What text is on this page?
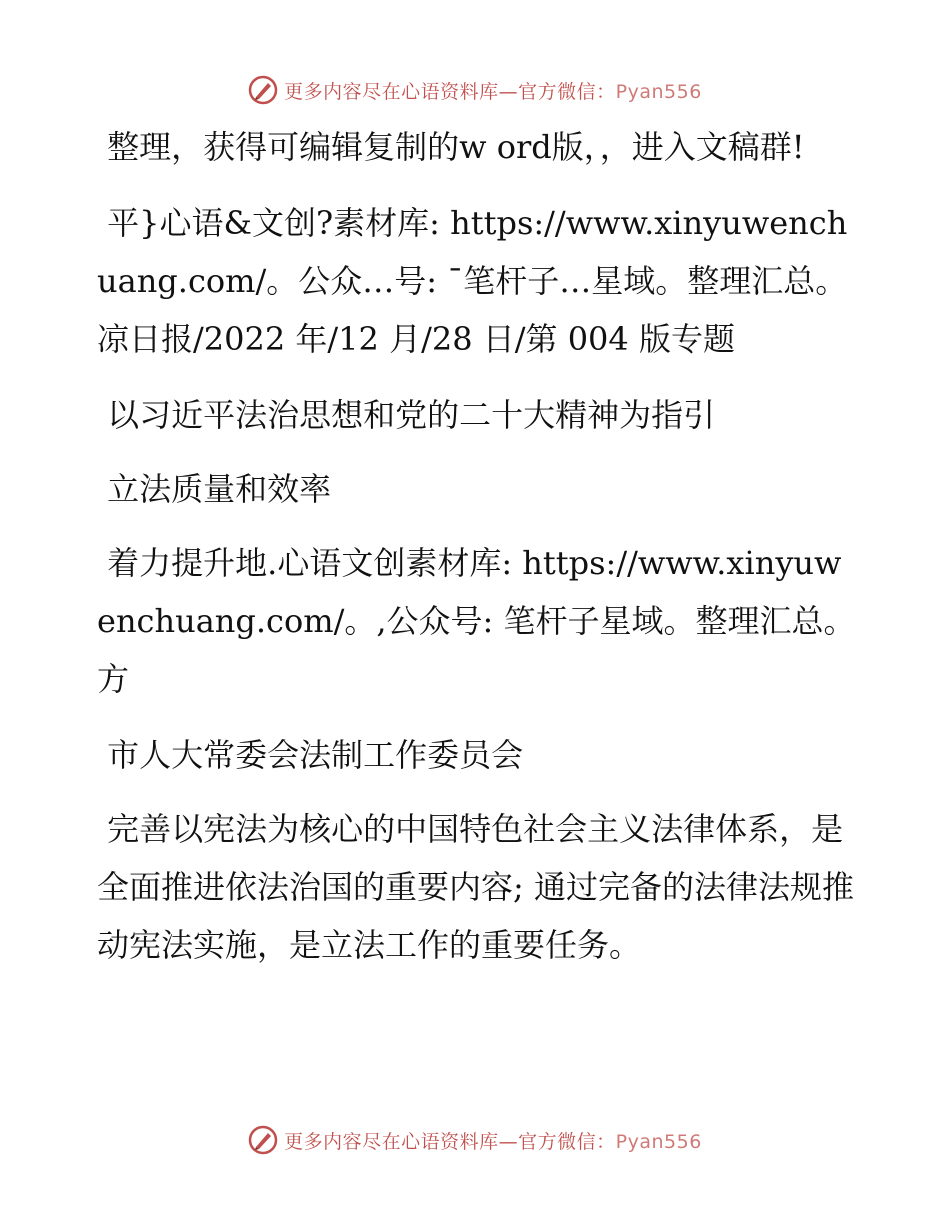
更多内容尽在心语资料库—官方微信：Pyan556

整理，获得可编辑复制的w ord版，，进入文稿群!

平}心语&文创?素材库: https://www.xinyuwenchuang.com/。公众…号: ¯笔杆子…星域。整理汇总。凉日报/2022 年/12 月/28 日/第 004 版专题

以习近平法治思想和党的二十大精神为指引

立法质量和效率

着力提升地.心语文创素材库: https://www.xinyuwenchuang.com/。,公众号: 笔杆子星域。整理汇总。方

市人大常委会法制工作委员会

完善以宪法为核心的中国特色社会主义法律体系，是全面推进依法治国的重要内容; 通过完备的法律法规推动宪法实施，是立法工作的重要任务。

更多内容尽在心语资料库—官方微信：Pyan556
